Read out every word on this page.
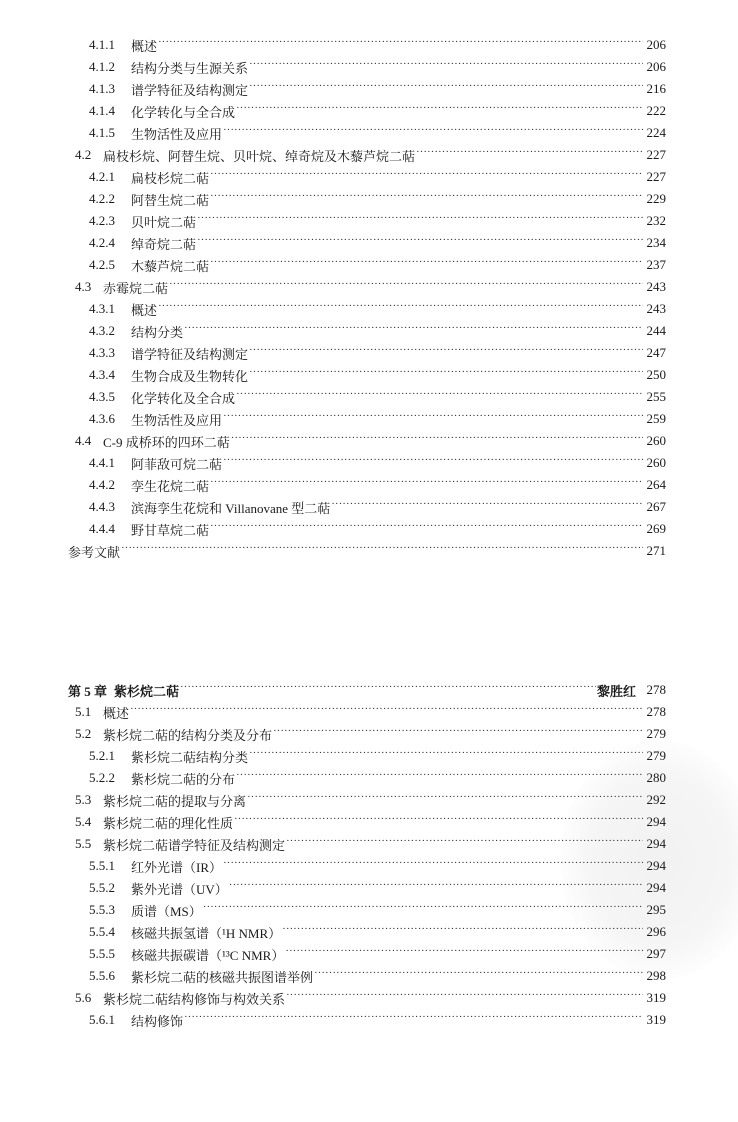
4.1.1	概述 ·····	206
4.1.2	结构分类与生源关系 ·····	206
4.1.3	谱学特征及结构测定 ·····	216
4.1.4	化学转化与全合成 ·····	222
4.1.5	生物活性及应用 ·····	224
4.2 扁枝杉烷、阿替生烷、贝叶烷、绰奇烷及木藜芦烷二萜 ·····	227
4.2.1	扁枝杉烷二萜 ·····	227
4.2.2	阿替生烷二萜 ·····	229
4.2.3	贝叶烷二萜 ·····	232
4.2.4	绰奇烷二萜 ·····	234
4.2.5	木藜芦烷二萜 ·····	237
4.3 赤霉烷二萜 ·····	243
4.3.1	概述 ·····	243
4.3.2	结构分类 ·····	244
4.3.3	谱学特征及结构测定 ·····	247
4.3.4	生物合成及生物转化 ·····	250
4.3.5	化学转化及全合成 ·····	255
4.3.6	生物活性及应用 ·····	259
4.4 C-9 成桥环的四环二萜 ·····	260
4.4.1	阿菲敌可烷二萜 ·····	260
4.4.2	孪生花烷二萜 ·····	264
4.4.3	滨海孪生花烷和 Villanovane 型二萜 ·····	267
4.4.4	野甘草烷二萜 ·····	269
参考文献 ·····	271
第 5 章 紫杉烷二萜 ·····	黎胜红 278
5.1 概述 ·····	278
5.2 紫杉烷二萜的结构分类及分布 ·····	279
5.2.1	紫杉烷二萜结构分类 ·····	279
5.2.2	紫杉烷二萜的分布 ·····	280
5.3 紫杉烷二萜的提取与分离 ·····	292
5.4 紫杉烷二萜的理化性质 ·····	294
5.5 紫杉烷二萜谱学特征及结构测定 ·····	294
5.5.1	红外光谱（IR） ·····	294
5.5.2	紫外光谱（UV） ·····	294
5.5.3	质谱（MS） ·····	295
5.5.4	核磁共振氢谱（¹H NMR） ·····	296
5.5.5	核磁共振碳谱（¹³C NMR） ·····	297
5.5.6	紫杉烷二萜的核磁共振图谱举例 ·····	298
5.6 紫杉烷二萜结构修饰与构效关系 ·····	319
5.6.1	结构修饰 ·····	319
